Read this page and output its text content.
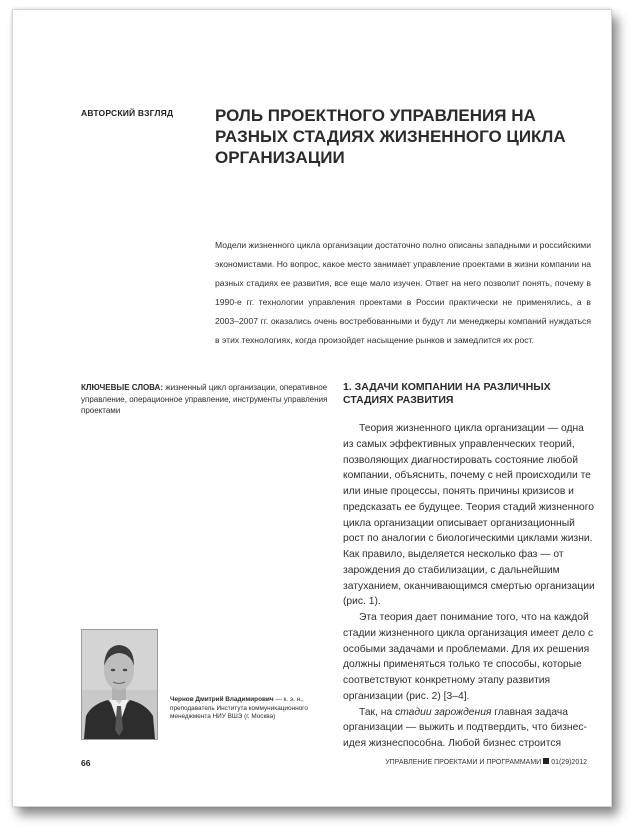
АВТОРСКИЙ ВЗГЛЯД РОЛЬ ПРОЕКТНОГО УПРАВЛЕНИЯ НА РАЗНЫХ СТАДИЯХ ЖИЗНЕННОГО ЦИКЛА ОРГАНИЗАЦИИ

Модели жизненного цикла организации достаточно полно описаны западными и российскими экономистами. Но вопрос, какое место занимает управление проектами в жизни компании на разных стадиях ее развития, все еще мало изучен. Ответ на него позволит понять, почему в 1990-е гг. технологии управления проектами в России практически не применялись, а в 2003–2007 гг. оказались очень востребованными и будут ли менеджеры компаний нуждаться в этих технологиях, когда произойдет насыщение рынков и замедлится их рост.

КЛЮЧЕВЫЕ СЛОВА: жизненный цикл организации, оперативное управление, операционное управление, инструменты управления проектами

1. ЗАДАЧИ КОМПАНИИ НА РАЗЛИЧНЫХ СТАДИЯХ РАЗВИТИЯ

Теория жизненного цикла организации — одна из самых эффективных управленческих теорий, позволяющих диагностировать состояние любой компании, объяснить, почему с ней происходили те или иные процессы, понять причины кризисов и предсказать ее будущее. Теория стадий жизненного цикла организации описывает организационный рост по аналогии с биологическими циклами жизни. Как правило, выделяется несколько фаз — от зарождения до стабилизации, с дальнейшим затуханием, оканчивающимся смертью организации (рис. 1).

Эта теория дает понимание того, что на каждой стадии жизненного цикла организация имеет дело с особыми задачами и проблемами. Для их решения должны применяться только те способы, которые соответствуют конкретному этапу развития организации (рис. 2) [3–4].

Так, на стадии зарождения главная задача организации — выжить и подтвердить, что бизнес-идея жизнеспособна. Любой бизнес строится

Чернов Дмитрий Владимирович — к. э. н., преподаватель Института коммуникационного менеджмента НИУ ВШЭ (г. Москва)

66	УПРАВЛЕНИЕ ПРОЕКТАМИ И ПРОГРАММАМИ 01(29)2012
